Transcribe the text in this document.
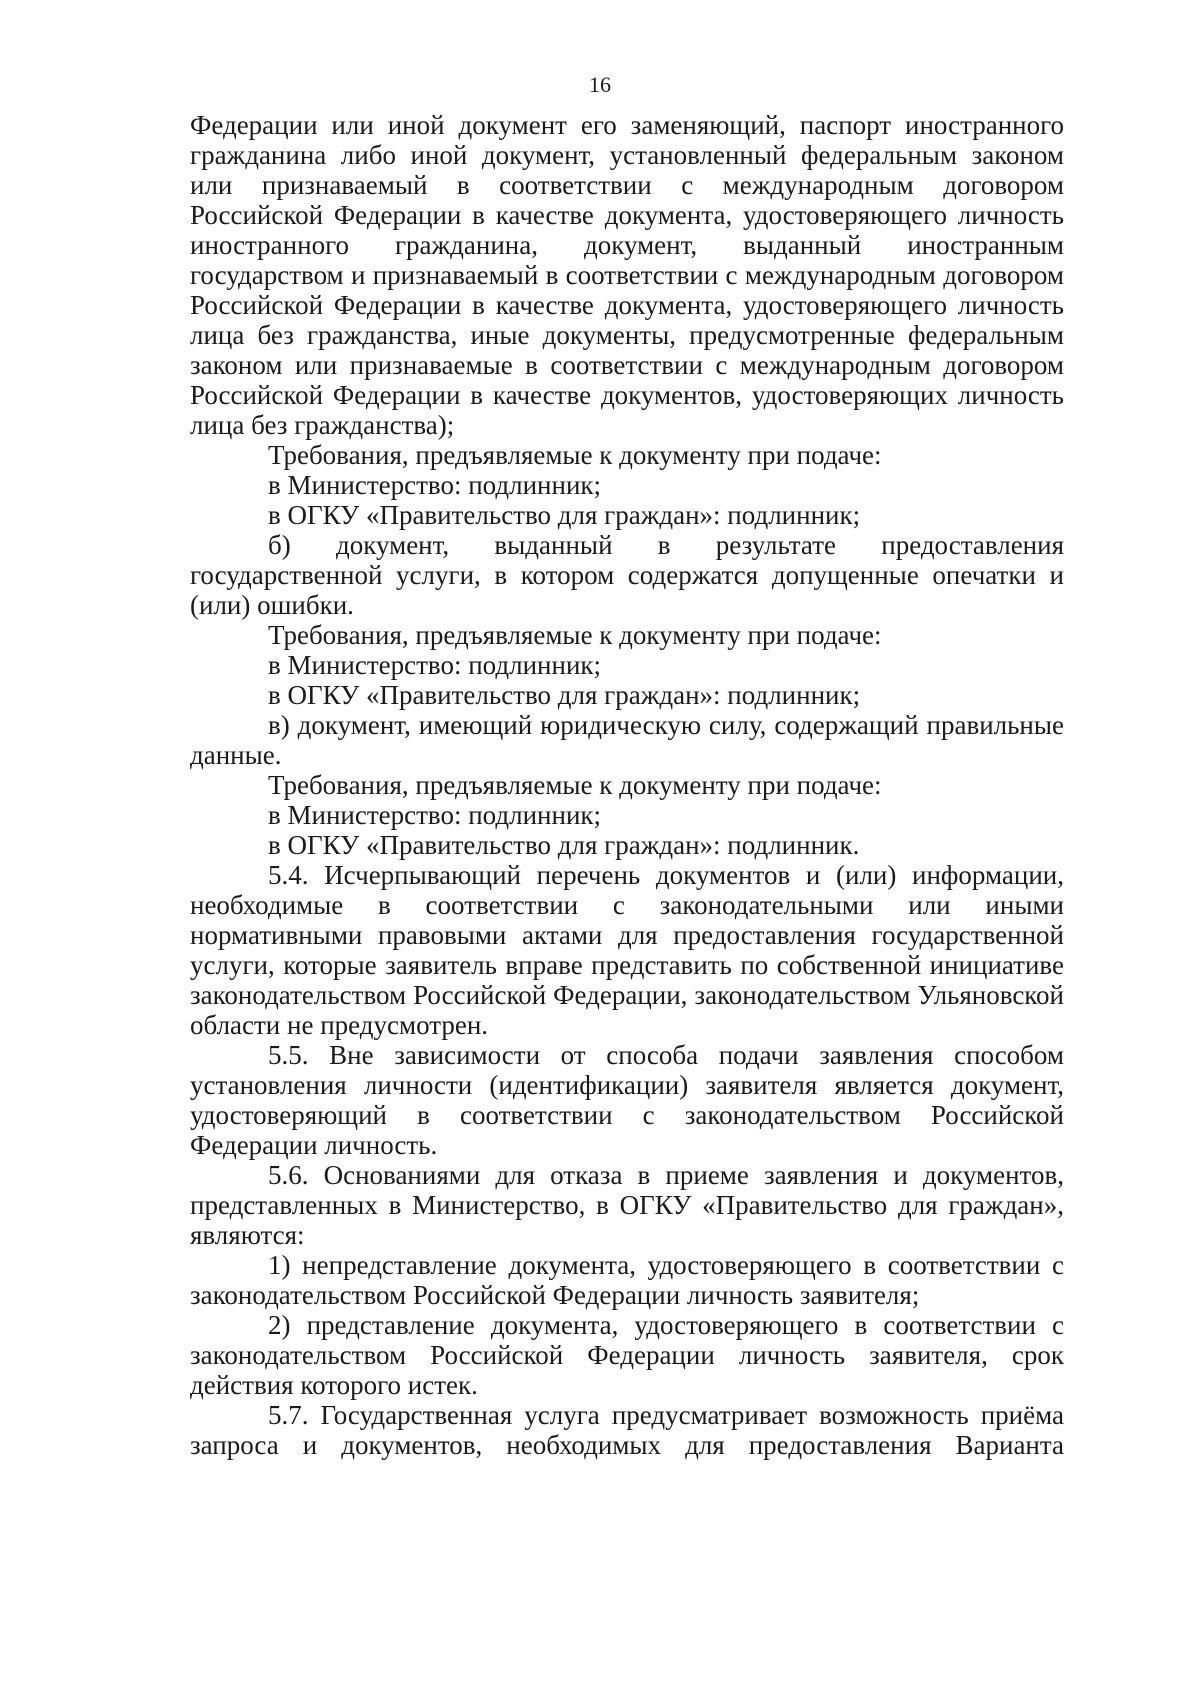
16

Федерации или иной документ его заменяющий, паспорт иностранного гражданина либо иной документ, установленный федеральным законом или признаваемый в соответствии с международным договором Российской Федерации в качестве документа, удостоверяющего личность иностранного гражданина, документ, выданный иностранным государством и признаваемый в соответствии с международным договором Российской Федерации в качестве документа, удостоверяющего личность лица без гражданства, иные документы, предусмотренные федеральным законом или признаваемые в соответствии с международным договором Российской Федерации в качестве документов, удостоверяющих личность лица без гражданства);

Требования, предъявляемые к документу при подаче:

в Министерство: подлинник;

в ОГКУ «Правительство для граждан»: подлинник;

б) документ, выданный в результате предоставления государственной услуги, в котором содержатся допущенные опечатки и (или) ошибки.

Требования, предъявляемые к документу при подаче:

в Министерство: подлинник;

в ОГКУ «Правительство для граждан»: подлинник;

в) документ, имеющий юридическую силу, содержащий правильные данные.

Требования, предъявляемые к документу при подаче:

в Министерство: подлинник;

в ОГКУ «Правительство для граждан»: подлинник.

5.4. Исчерпывающий перечень документов и (или) информации, необходимые в соответствии с законодательными или иными нормативными правовыми актами для предоставления государственной услуги, которые заявитель вправе представить по собственной инициативе законодательством Российской Федерации, законодательством Ульяновской области не предусмотрен.

5.5. Вне зависимости от способа подачи заявления способом установления личности (идентификации) заявителя является документ, удостоверяющий в соответствии с законодательством Российской Федерации личность.

5.6. Основаниями для отказа в приеме заявления и документов, представленных в Министерство, в ОГКУ «Правительство для граждан», являются:

1) непредставление документа, удостоверяющего в соответствии с законодательством Российской Федерации личность заявителя;

2) представление документа, удостоверяющего в соответствии с законодательством Российской Федерации личность заявителя, срок действия которого истек.

5.7. Государственная услуга предусматривает возможность приёма запроса и документов, необходимых для предоставления Варианта
